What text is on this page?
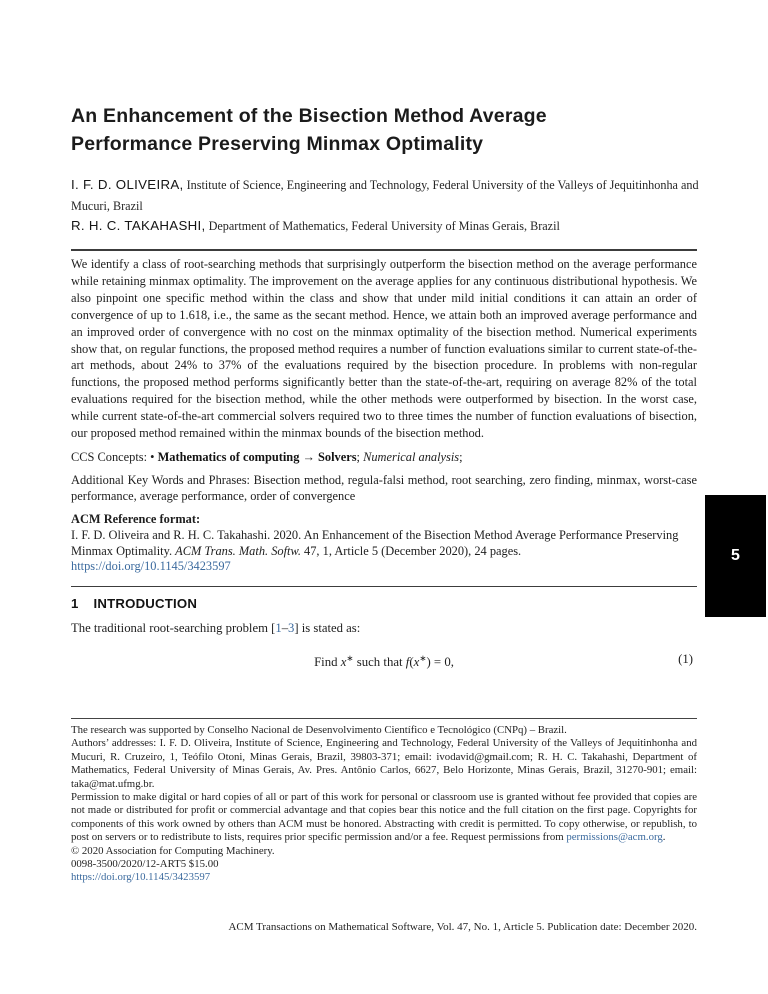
An Enhancement of the Bisection Method Average
Performance Preserving Minmax Optimality

I. F. D. OLIVEIRA, Institute of Science, Engineering and Technology, Federal University of the Valleys of Jequitinhonha and Mucuri, Brazil

R. H. C. TAKAHASHI, Department of Mathematics, Federal University of Minas Gerais, Brazil

We identify a class of root-searching methods that surprisingly outperform the bisection method on the average performance while retaining minmax optimality. The improvement on the average applies for any continuous distributional hypothesis. We also pinpoint one specific method within the class and show that under mild initial conditions it can attain an order of convergence of up to 1.618, i.e., the same as the secant method. Hence, we attain both an improved average performance and an improved order of convergence with no cost on the minmax optimality of the bisection method. Numerical experiments show that, on regular functions, the proposed method requires a number of function evaluations similar to current state-of-the-art methods, about 24% to 37% of the evaluations required by the bisection procedure. In problems with non-regular functions, the proposed method performs significantly better than the state-of-the-art, requiring on average 82% of the total evaluations required for the bisection method, while the other methods were outperformed by bisection. In the worst case, while current state-of-the-art commercial solvers required two to three times the number of function evaluations of bisection, our proposed method remained within the minmax bounds of the bisection method.

CCS Concepts: • Mathematics of computing → Solvers; Numerical analysis;

Additional Key Words and Phrases: Bisection method, regula-falsi method, root searching, zero finding, minmax, worst-case performance, average performance, order of convergence

ACM Reference format:

I. F. D. Oliveira and R. H. C. Takahashi. 2020. An Enhancement of the Bisection Method Average Performance Preserving Minmax Optimality. ACM Trans. Math. Softw. 47, 1, Article 5 (December 2020), 24 pages.

https://doi.org/10.1145/3423597

1 INTRODUCTION

The traditional root-searching problem [1–3] is stated as:

Find x∗ such that f(x∗) = 0,	(1)

The research was supported by Conselho Nacional de Desenvolvimento Científico e Tecnológico (CNPq) – Brazil.

Authors’ addresses: I. F. D. Oliveira, Institute of Science, Engineering and Technology, Federal University of the Valleys of Jequitinhonha and Mucuri, R. Cruzeiro, 1, Teófilo Otoni, Minas Gerais, Brazil, 39803-371; email: ivodavid@gmail.com; R. H. C. Takahashi, Department of Mathematics, Federal University of Minas Gerais, Av. Pres. Antônio Carlos, 6627, Belo Horizonte, Minas Gerais, Brazil, 31270-901; email: taka@mat.ufmg.br.

Permission to make digital or hard copies of all or part of this work for personal or classroom use is granted without fee provided that copies are not made or distributed for profit or commercial advantage and that copies bear this notice and the full citation on the first page. Copyrights for components of this work owned by others than ACM must be honored. Abstracting with credit is permitted. To copy otherwise, or republish, to post on servers or to redistribute to lists, requires prior specific permission and/or a fee. Request permissions from permissions@acm.org.

© 2020 Association for Computing Machinery.

0098-3500/2020/12-ART5 $15.00

https://doi.org/10.1145/3423597

ACM Transactions on Mathematical Software, Vol. 47, No. 1, Article 5. Publication date: December 2020.
5
